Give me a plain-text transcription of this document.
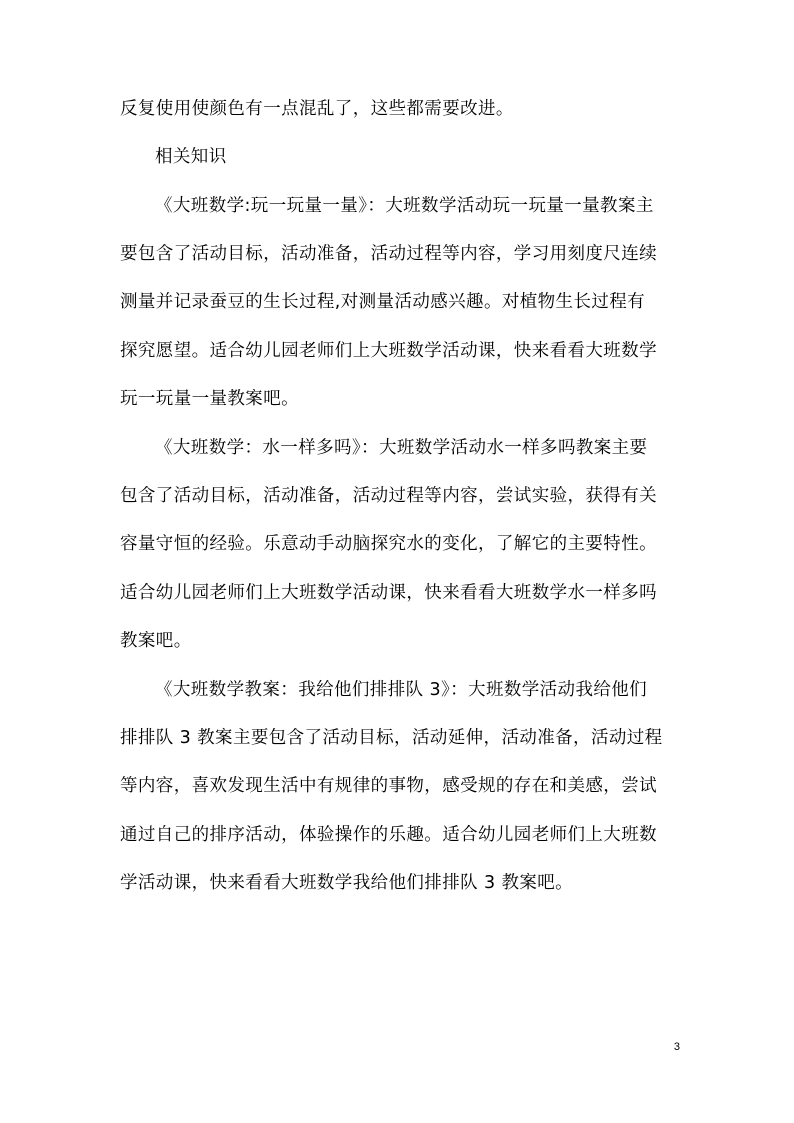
反复使用使颜色有一点混乱了，这些都需要改进。
相关知识
《大班数学:玩一玩量一量》：大班数学活动玩一玩量一量教案主
要包含了活动目标，活动准备，活动过程等内容，学习用刻度尺连续
测量并记录蚕豆的生长过程,对测量活动感兴趣。对植物生长过程有
探究愿望。适合幼儿园老师们上大班数学活动课，快来看看大班数学
玩一玩量一量教案吧。
《大班数学：水一样多吗》：大班数学活动水一样多吗教案主要
包含了活动目标，活动准备，活动过程等内容，尝试实验，获得有关
容量守恒的经验。乐意动手动脑探究水的变化，了解它的主要特性。
适合幼儿园老师们上大班数学活动课，快来看看大班数学水一样多吗
教案吧。
《大班数学教案：我给他们排排队 3》：大班数学活动我给他们
排排队 3 教案主要包含了活动目标，活动延伸，活动准备，活动过程
等内容，喜欢发现生活中有规律的事物，感受规的存在和美感，尝试
通过自己的排序活动，体验操作的乐趣。适合幼儿园老师们上大班数
学活动课，快来看看大班数学我给他们排排队 3 教案吧。
3
